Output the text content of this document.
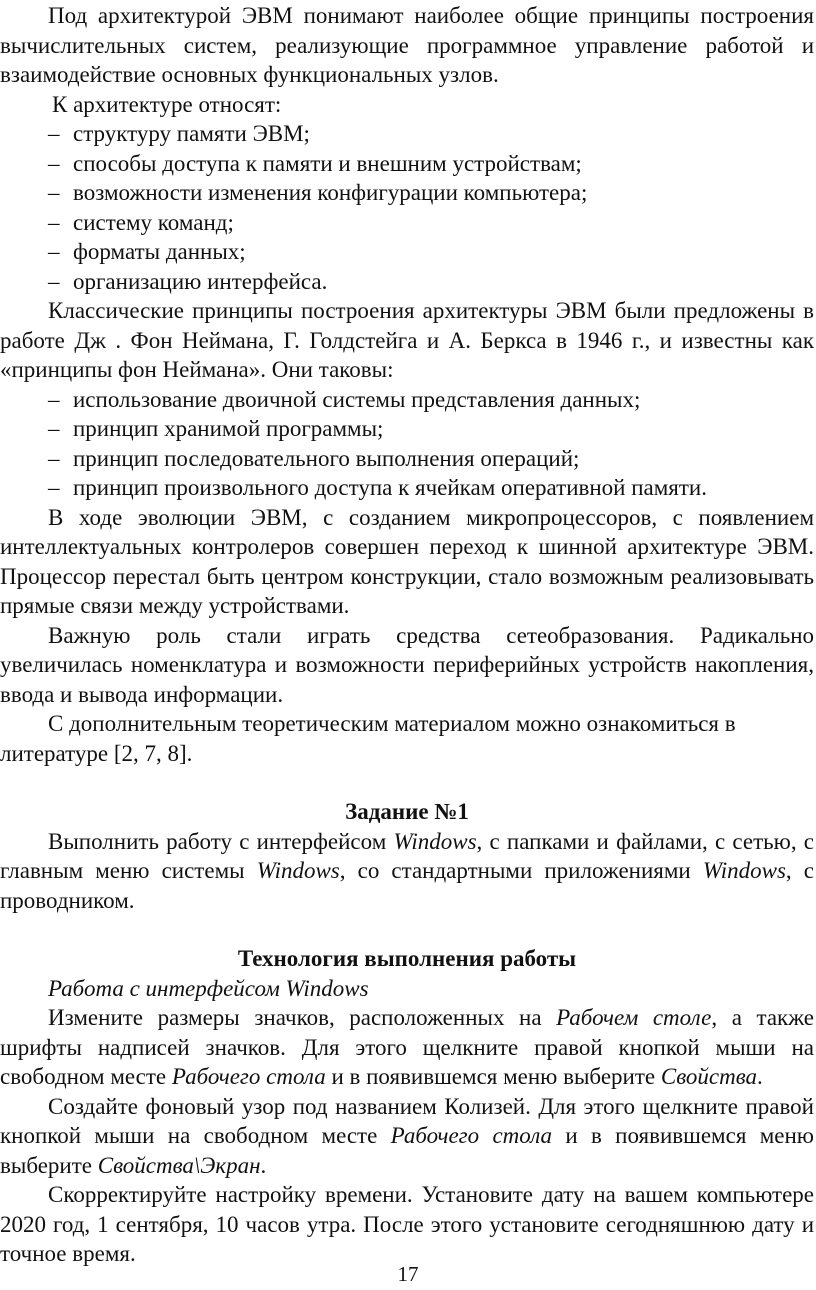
Под архитектурой ЭВМ понимают наиболее общие принципы построения вычислительных систем, реализующие программное управление работой и взаимодействие основных функциональных узлов.

К архитектуре относят:

– структуру памяти ЭВМ;

– способы доступа к памяти и внешним устройствам;

– возможности изменения конфигурации компьютера;

– систему команд;

– форматы данных;

– организацию интерфейса.

Классические принципы построения архитектуры ЭВМ были предложены в работе Дж . Фон Неймана, Г. Голдстейга и А. Беркса в 1946 г., и известны как «принципы фон Неймана». Они таковы:

– использование двоичной системы представления данных;

– принцип хранимой программы;

– принцип последовательного выполнения операций;

– принцип произвольного доступа к ячейкам оперативной памяти.

В ходе эволюции ЭВМ, с созданием микропроцессоров, с появлением интеллектуальных контролеров совершен переход к шинной архитектуре ЭВМ. Процессор перестал быть центром конструкции, стало возможным реализовывать прямые связи между устройствами.

Важную роль стали играть средства сетеобразования. Радикально увеличилась номенклатура и возможности периферийных устройств накопления, ввода и вывода информации.

С дополнительным теоретическим материалом можно ознакомиться в литературе [2, 7, 8].

Задание №1

Выполнить работу с интерфейсом Windows, с папками и файлами, с сетью, с главным меню системы Windows, со стандартными приложениями Windows, с проводником.

Технология выполнения работы

Работа с интерфейсом Windows

Измените размеры значков, расположенных на Рабочем столе, а также шрифты надписей значков. Для этого щелкните правой кнопкой мыши на свободном месте Рабочего стола и в появившемся меню выберите Свойства.

Создайте фоновый узор под названием Колизей. Для этого щелкните правой кнопкой мыши на свободном месте Рабочего стола и в появившемся меню выберите Свойства\Экран.

Скорректируйте настройку времени. Установите дату на вашем компьютере 2020 год, 1 сентября, 10 часов утра. После этого установите сегодняшнюю дату и точное время.

17
